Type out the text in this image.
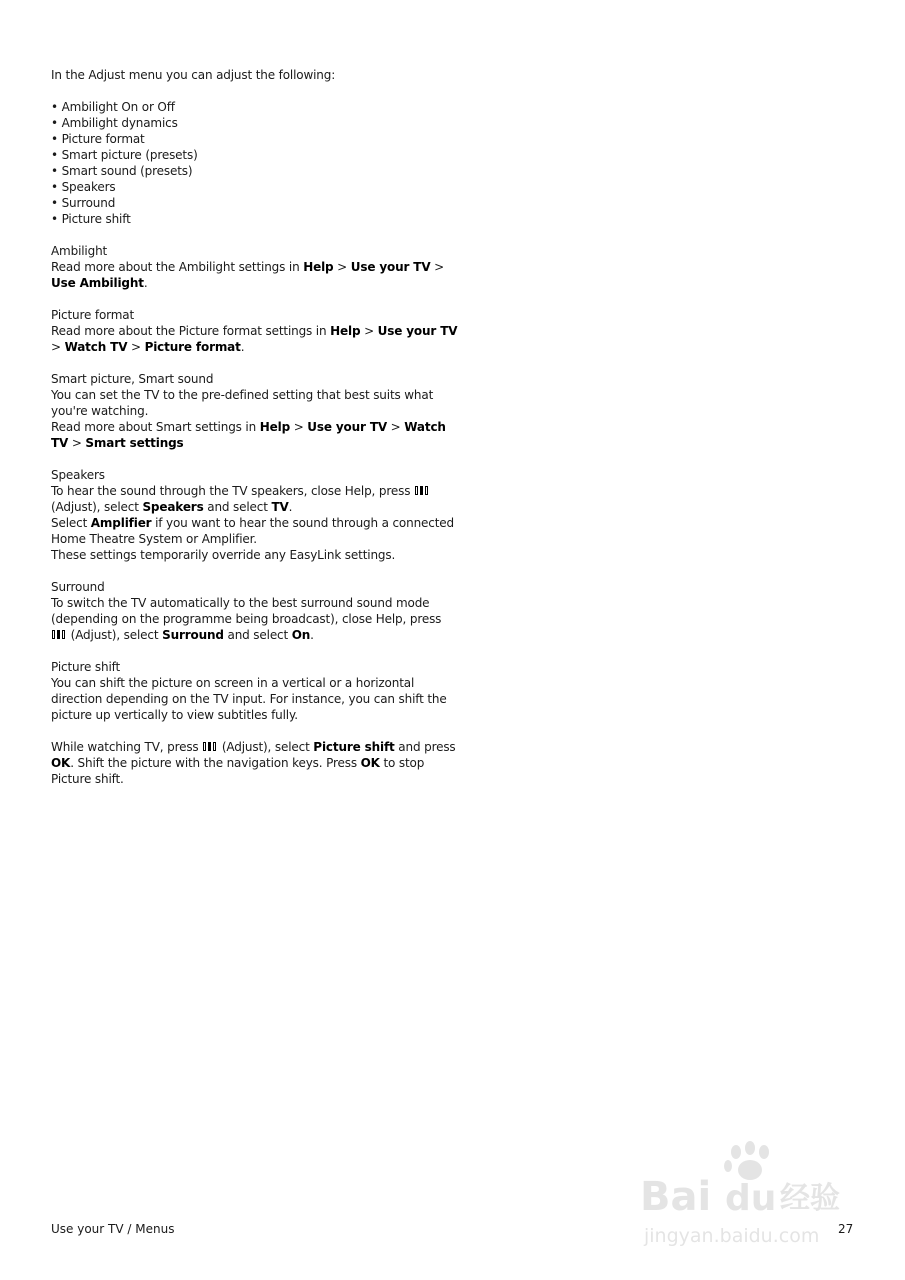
In the Adjust menu you can adjust the following:

• Ambilight On or Off
• Ambilight dynamics
• Picture format
• Smart picture (presets)
• Smart sound (presets)
• Speakers
• Surround
• Picture shift
Ambilight
Read more about the Ambilight settings in Help > Use your TV >
Use Ambilight.
Picture format
Read more about the Picture format settings in Help > Use your TV
> Watch TV > Picture format.
Smart picture, Smart sound
You can set the TV to the pre-defined setting that best suits what
you're watching.
Read more about Smart settings in Help > Use your TV > Watch
TV > Smart settings
Speakers
To hear the sound through the TV speakers, close Help, press
(Adjust), select Speakers and select TV.
Select Amplifier if you want to hear the sound through a connected
Home Theatre System or Amplifier.
These settings temporarily override any EasyLink settings.
Surround
To switch the TV automatically to the best surround sound mode
(depending on the programme being broadcast), close Help, press
(Adjust), select Surround and select On.
Picture shift
You can shift the picture on screen in a vertical or a horizontal
direction depending on the TV input. For instance, you can shift the
picture up vertically to view subtitles fully.
While watching TV, press
(Adjust), select Picture shift and press
OK. Shift the picture with the navigation keys. Press OK to stop
Picture shift.
Bai du 经验
jingyan.baidu.com
Use your TV / Menus	27
